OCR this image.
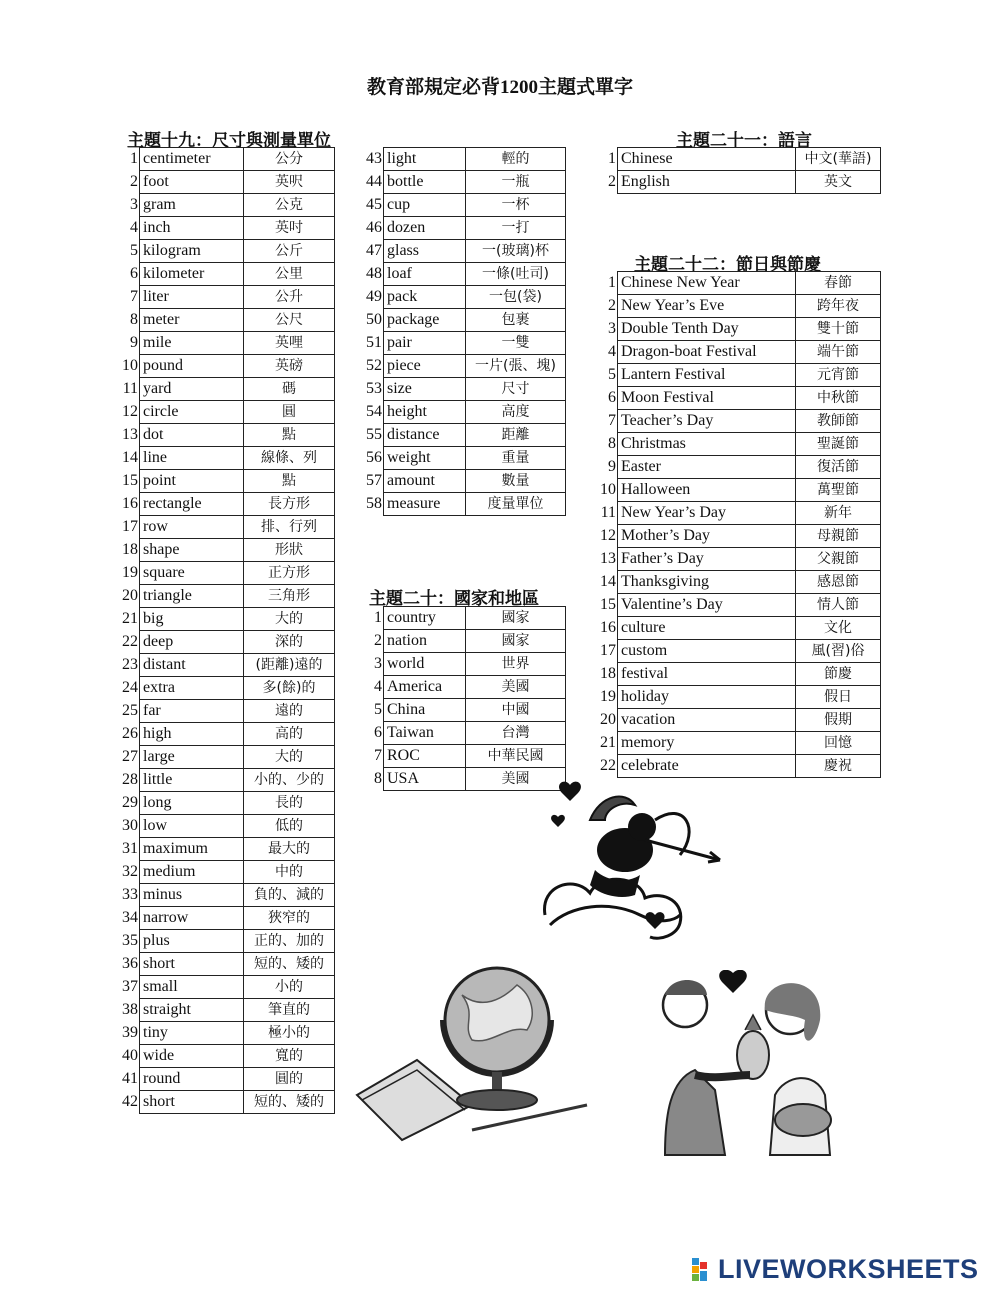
教育部規定必背1200主題式單字
主題十九：尺寸與測量單位
主題二十：國家和地區
主題二十一：語言
主題二十二：節日與節慶
1	centimeter	公分
2	foot	英呎
3	gram	公克
4	inch	英吋
5	kilogram	公斤
6	kilometer	公里
7	liter	公升
8	meter	公尺
9	mile	英哩
10	pound	英磅
11	yard	碼
12	circle	圓
13	dot	點
14	line	線條、列
15	point	點
16	rectangle	長方形
17	row	排、行列
18	shape	形狀
19	square	正方形
20	triangle	三角形
21	big	大的
22	deep	深的
23	distant	(距離)遠的
24	extra	多(餘)的
25	far	遠的
26	high	高的
27	large	大的
28	little	小的、少的
29	long	長的
30	low	低的
31	maximum	最大的
32	medium	中的
33	minus	負的、減的
34	narrow	狹窄的
35	plus	正的、加的
36	short	短的、矮的
37	small	小的
38	straight	筆直的
39	tiny	極小的
40	wide	寬的
41	round	圓的
42	short	短的、矮的
43	light	輕的
44	bottle	一瓶
45	cup	一杯
46	dozen	一打
47	glass	一(玻璃)杯
48	loaf	一條(吐司)
49	pack	一包(袋)
50	package	包裹
51	pair	一雙
52	piece	一片(張、塊)
53	size	尺寸
54	height	高度
55	distance	距離
56	weight	重量
57	amount	數量
58	measure	度量單位
1	country	國家
2	nation	國家
3	world	世界
4	America	美國
5	China	中國
6	Taiwan	台灣
7	ROC	中華民國
8	USA	美國
1	Chinese	中文(華語)
2	English	英文
1	Chinese New Year	春節
2	New Year’s Eve	跨年夜
3	Double Tenth Day	雙十節
4	Dragon-boat Festival	端午節
5	Lantern Festival	元宵節
6	Moon Festival	中秋節
7	Teacher’s Day	教師節
8	Christmas	聖誕節
9	Easter	復活節
10	Halloween	萬聖節
11	New Year’s Day	新年
12	Mother’s Day	母親節
13	Father’s Day	父親節
14	Thanksgiving	感恩節
15	Valentine’s Day	情人節
16	culture	文化
17	custom	風(習)俗
18	festival	節慶
19	holiday	假日
20	vacation	假期
21	memory	回憶
22	celebrate	慶祝
LIVEWORKSHEETS
